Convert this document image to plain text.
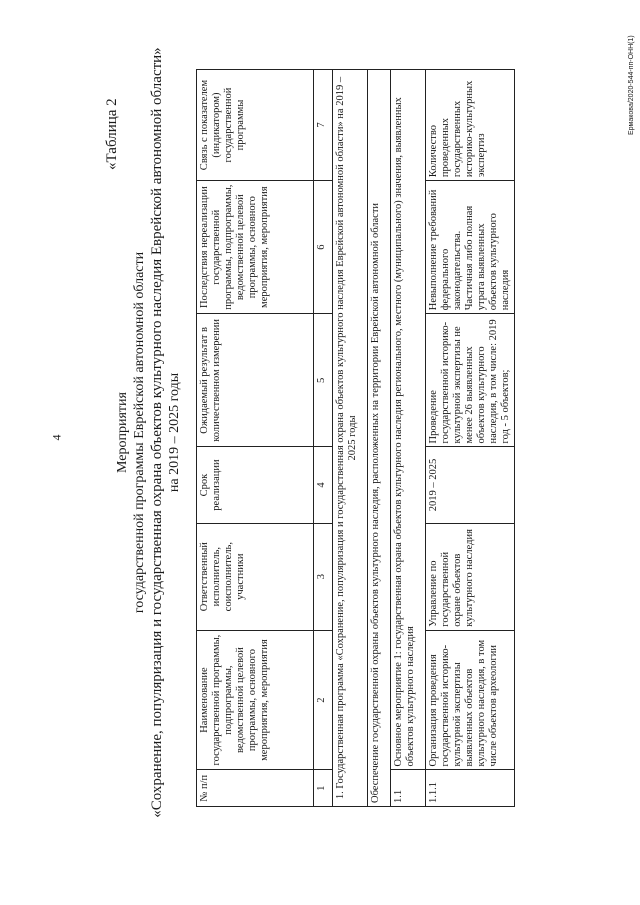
4
«Таблица 2
Мероприятия государственной программы Еврейской автономной области «Сохранение, популяризация и государственная охрана объектов культурного наследия Еврейской автономной области» на 2019 – 2025 годы
№ п/п	Наименование государственной программы, подпрограммы, ведомственной целевой программы, основного мероприятия, мероприятия	Ответственный исполнитель, соисполнитель, участники	Срок реализации	Ожидаемый результат в количественном измерении	Последствия нереализации государственной программы, подпрограммы, ведомственной целевой программы, основного мероприятия, мероприятия	Связь с показателем (индикатором) государственной программы
1	2	3	4	5	6	7
1. Государственная программа «Сохранение, популяризация и государственная охрана объектов культурного наследия Еврейской автономной области» на 2019 – 2025 годы						
Обеспечение государственной охраны объектов культурного наследия, расположенных на территории Еврейской автономной области						
1.1	Основное мероприятие 1: государственная охрана объектов культурного наследия регионального, местного (муниципального) значения, выявленных объектов культурного наследия					
1.1.1	Организация проведения государственной историко-культурной экспертизы выявленных объектов культурного наследия, в том числе объектов археологии	Управление по государственной охране объектов культурного наследия	2019 – 2025	Проведение государственной историко-культурной экспертизы не менее 26 выявленных объектов культурного наследия, в том числе: 2019 год - 5 объектов;	Невыполнение требований федерального законодательства. Частичная либо полная утрата выявленных объектов культурного наследия	Количество проведенных государственных историко-культурных экспертиз
Ермакова/2020-544-пп-ОНН(1)
